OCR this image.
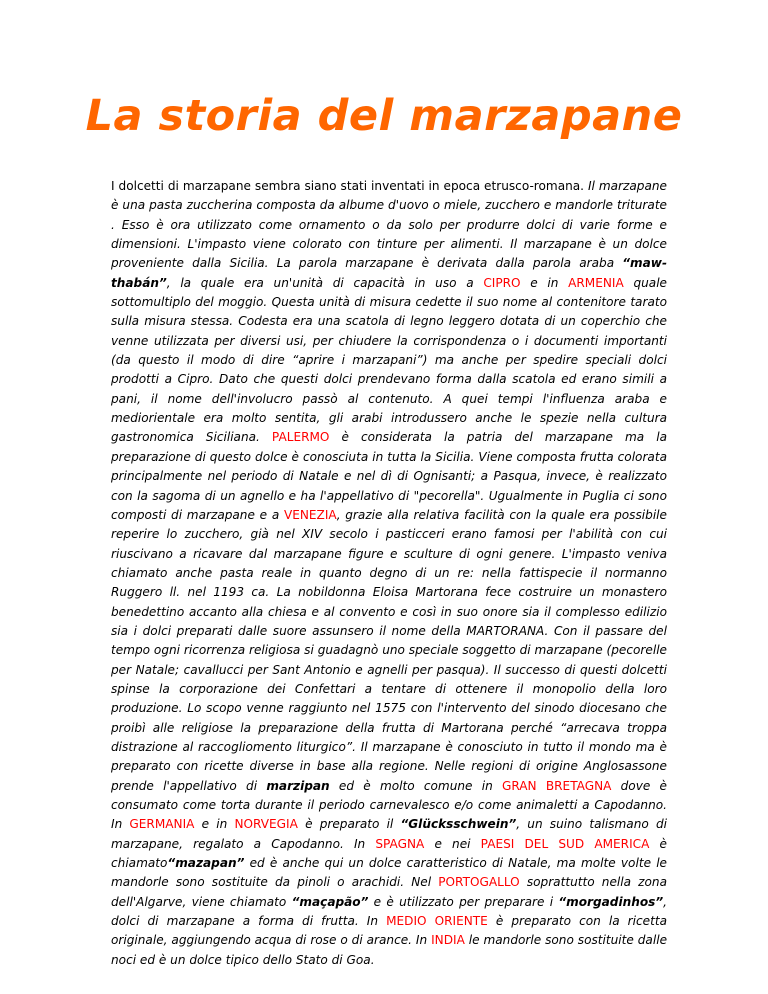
La storia del marzapane

I dolcetti di marzapane sembra siano stati inventati in epoca etrusco-romana. Il marzapane è una pasta zuccherina composta da albume d'uovo o miele, zucchero e mandorle triturate . Esso è ora utilizzato come ornamento o da solo per produrre dolci di varie forme e dimensioni. L'impasto viene colorato con tinture per alimenti. Il marzapane è un dolce proveniente dalla Sicilia. La parola marzapane è derivata dalla parola araba “maw-thabán”, la quale era un'unità di capacità in uso a CIPRO e in ARMENIA quale sottomultiplo del moggio. Questa unità di misura cedette il suo nome al contenitore tarato sulla misura stessa. Codesta era una scatola di legno leggero dotata di un coperchio che venne utilizzata per diversi usi, per chiudere la corrispondenza o i documenti importanti (da questo il modo di dire “aprire i marzapani”) ma anche per spedire speciali dolci prodotti a Cipro. Dato che questi dolci prendevano forma dalla scatola ed erano simili a pani, il nome dell'involucro passò al contenuto. A quei tempi l'influenza araba e mediorientale era molto sentita, gli arabi introdussero anche le spezie nella cultura gastronomica Siciliana. PALERMO è considerata la patria del marzapane ma la preparazione di questo dolce è conosciuta in tutta la Sicilia. Viene composta frutta colorata principalmente nel periodo di Natale e nel dì di Ognisanti; a Pasqua, invece, è realizzato con la sagoma di un agnello e ha l'appellativo di "pecorella". Ugualmente in Puglia ci sono composti di marzapane e a VENEZIA, grazie alla relativa facilità con la quale era possibile reperire lo zucchero, già nel XIV secolo i pasticceri erano famosi per l'abilità con cui riuscivano a ricavare dal marzapane figure e sculture di ogni genere. L'impasto veniva chiamato anche pasta reale in quanto degno di un re: nella fattispecie il normanno Ruggero ll. nel 1193 ca. La nobildonna Eloisa Martorana fece costruire un monastero benedettino accanto alla chiesa e al convento e così in suo onore sia il complesso edilizio sia i dolci preparati dalle suore assunsero il nome della MARTORANA. Con il passare del tempo ogni ricorrenza religiosa si guadagnò uno speciale soggetto di marzapane (pecorelle per Natale; cavallucci per Sant Antonio e agnelli per pasqua). Il successo di questi dolcetti spinse la corporazione dei Confettari a tentare di ottenere il monopolio della loro produzione. Lo scopo venne raggiunto nel 1575 con l'intervento del sinodo diocesano che proibì alle religiose la preparazione della frutta di Martorana perché “arrecava troppa distrazione al raccogliomento liturgico”. Il marzapane è conosciuto in tutto il mondo ma è preparato con ricette diverse in base alla regione. Nelle regioni di origine Anglosassone prende l'appellativo di marzipan ed è molto comune in GRAN BRETAGNA dove è consumato come torta durante il periodo carnevalesco e/o come animaletti a Capodanno. In GERMANIA e in NORVEGIA è preparato il “Glücksschwein”, un suino talismano di marzapane, regalato a Capodanno. In SPAGNA e nei PAESI DEL SUD AMERICA è chiamato“mazapan” ed è anche qui un dolce caratteristico di Natale, ma molte volte le mandorle sono sostituite da pinoli o arachidi. Nel PORTOGALLO soprattutto nella zona dell'Algarve, viene chiamato “maçapão” e è utilizzato per preparare i “morgadinhos”, dolci di marzapane a forma di frutta. In MEDIO ORIENTE è preparato con la ricetta originale, aggiungendo acqua di rose o di arance. In INDIA le mandorle sono sostituite dalle noci ed è un dolce tipico dello Stato di Goa.
